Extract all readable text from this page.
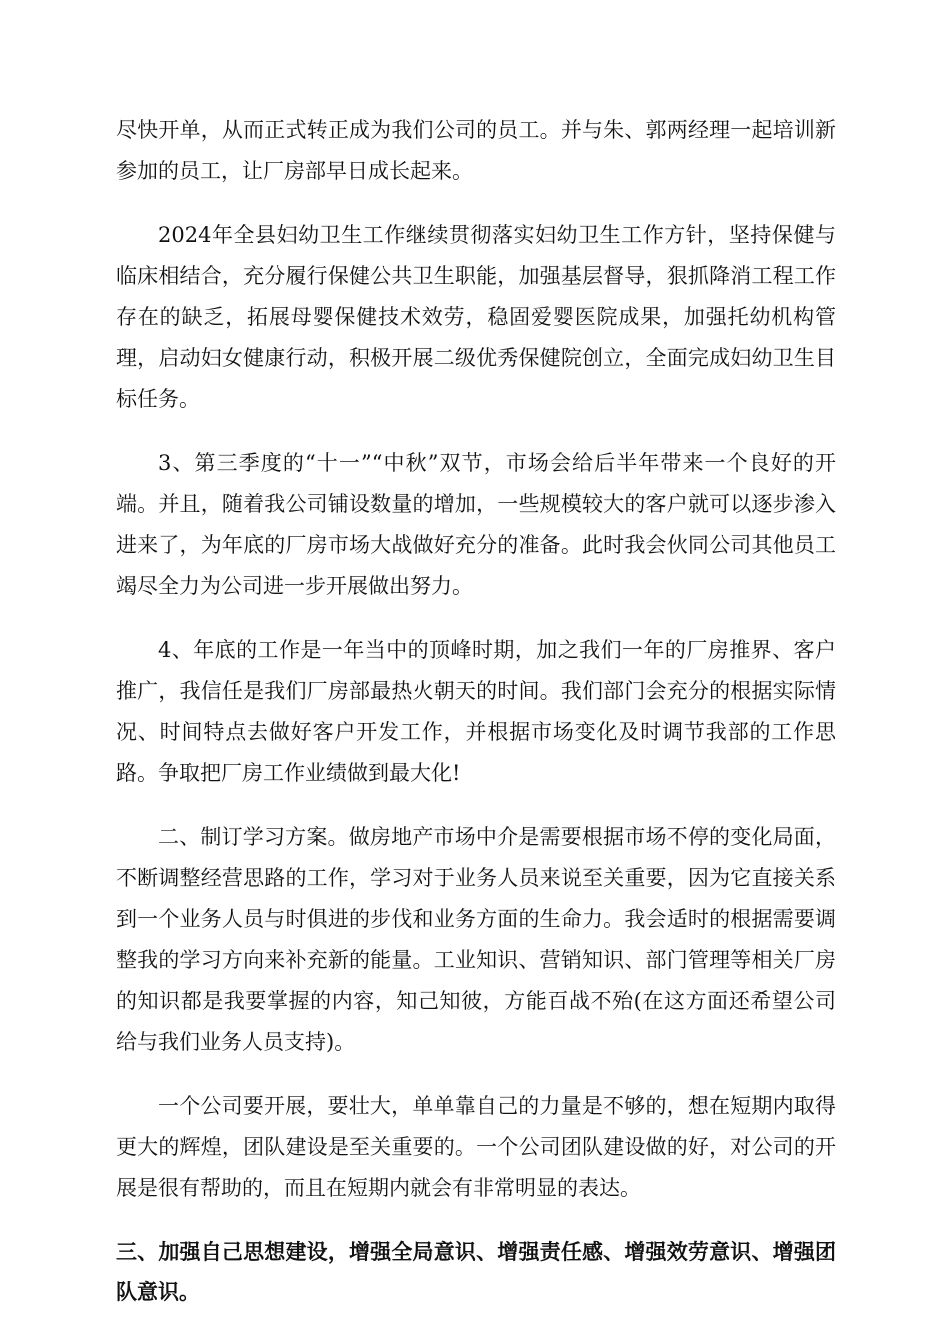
尽快开单，从而正式转正成为我们公司的员工。并与朱、郭两经理一起培训新参加的员工，让厂房部早日成长起来。

2024年全县妇幼卫生工作继续贯彻落实妇幼卫生工作方针，坚持保健与临床相结合，充分履行保健公共卫生职能，加强基层督导，狠抓降消工程工作存在的缺乏，拓展母婴保健技术效劳，稳固爱婴医院成果，加强托幼机构管理，启动妇女健康行动，积极开展二级优秀保健院创立，全面完成妇幼卫生目标任务。

3、第三季度的“十一”“中秋”双节，市场会给后半年带来一个良好的开端。并且，随着我公司铺设数量的增加，一些规模较大的客户就可以逐步渗入进来了，为年底的厂房市场大战做好充分的准备。此时我会伙同公司其他员工竭尽全力为公司进一步开展做出努力。

4、年底的工作是一年当中的顶峰时期，加之我们一年的厂房推界、客户推广，我信任是我们厂房部最热火朝天的时间。我们部门会充分的根据实际情况、时间特点去做好客户开发工作，并根据市场变化及时调节我部的工作思路。争取把厂房工作业绩做到最大化!

二、制订学习方案。做房地产市场中介是需要根据市场不停的变化局面，不断调整经营思路的工作，学习对于业务人员来说至关重要，因为它直接关系到一个业务人员与时俱进的步伐和业务方面的生命力。我会适时的根据需要调整我的学习方向来补充新的能量。工业知识、营销知识、部门管理等相关厂房的知识都是我要掌握的内容，知己知彼，方能百战不殆(在这方面还希望公司给与我们业务人员支持)。

一个公司要开展，要壮大，单单靠自己的力量是不够的，想在短期内取得更大的辉煌，团队建设是至关重要的。一个公司团队建设做的好，对公司的开展是很有帮助的，而且在短期内就会有非常明显的表达。

三、加强自己思想建设，增强全局意识、增强责任感、增强效劳意识、增强团队意识。
